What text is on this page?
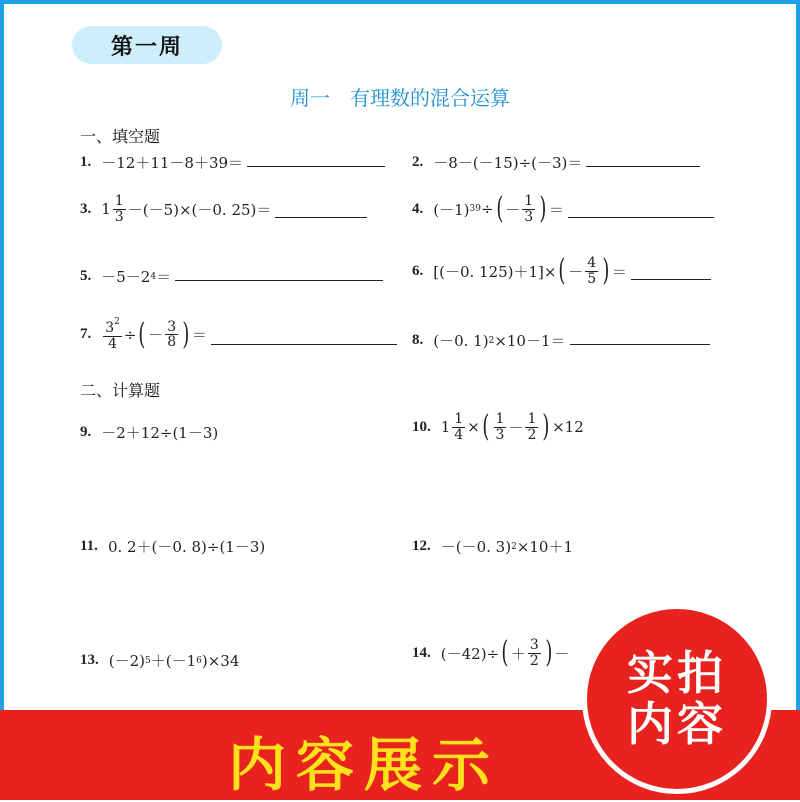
第一周
周一　有理数的混合运算
一、填空题
1. －12＋11－8＋39＝	2. －8－(－15)÷(－3)＝
3. $1 \frac{1}{3} -(-5)\times(-0$. 25)＝	4. (－1) 39 ÷ ( － $\frac{1}{3}$ ) ＝
5. －5－2 4 ＝	6. [(－0. 125)＋1]× ( － $\frac{4}{5}$ ) ＝
7. $\frac{3^2}{4}$ ÷ ( － $\frac{3}{8}$ ) ＝	8. (－0. 1) 2 ×10－1＝
二、计算题
9. －2＋12÷(1－3)	10. $1 \frac{1}{4}$ × ( $\frac{1}{3} - \frac{1}{2}$ ) ×12
11. 0. 2＋(－0. 8)÷(1－3)	12. －(－0. 3) 2 ×10＋1
13. (－2) 5 ＋(－1 6 )×34	14. (－42)÷ ( ＋ $\frac{3}{2}$ ) －
内容展示
实拍
内容
